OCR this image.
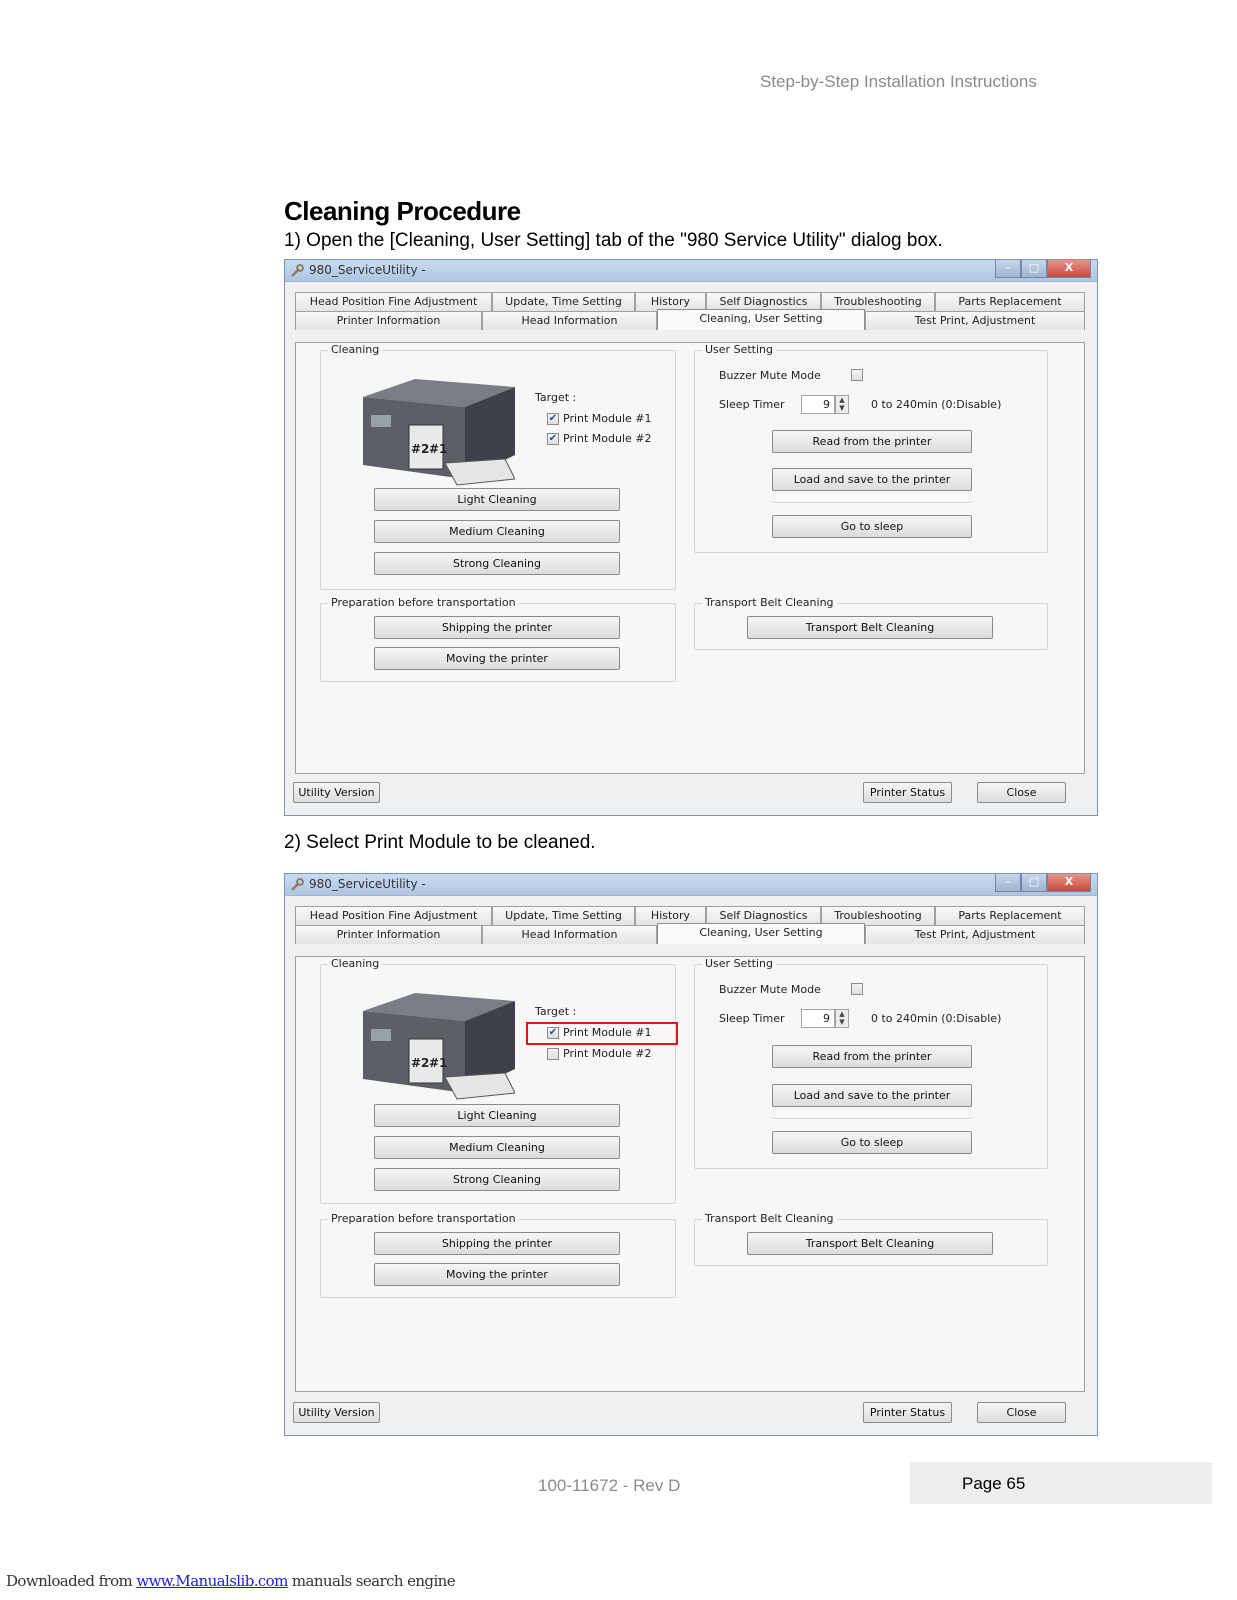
Step-by-Step Installation Instructions
Cleaning Procedure
1) Open the [Cleaning, User Setting] tab of the "980 Service Utility" dialog box.
2) Select Print Module to be cleaned.
980_ServiceUtility -	–	□	X
Head Position Fine Adjustment	Update, Time Setting	History	Self Diagnostics	Troubleshooting	Parts Replacement
Printer Information	Head Information	Cleaning, User Setting	Test Print, Adjustment
Cleaning
#2 #1
Target :
✔ Print Module #1
✔ Print Module #2
Light Cleaning
Medium Cleaning
Strong Cleaning
Preparation before transportation
Shipping the printer
Moving the printer
User Setting
Buzzer Mute Mode
Sleep Timer	9	▲
▼	0 to 240min (0:Disable)
Read from the printer
Load and save to the printer
Go to sleep
Transport Belt Cleaning
Transport Belt Cleaning
Utility Version	Printer Status	Close
980_ServiceUtility -	–	□	X
Head Position Fine Adjustment	Update, Time Setting	History	Self Diagnostics	Troubleshooting	Parts Replacement
Printer Information	Head Information	Cleaning, User Setting	Test Print, Adjustment
Cleaning
#2 #1
Target :
✔ Print Module #1
Print Module #2
Light Cleaning
Medium Cleaning
Strong Cleaning
Preparation before transportation
Shipping the printer
Moving the printer
User Setting
Buzzer Mute Mode
Sleep Timer	9	▲
▼	0 to 240min (0:Disable)
Read from the printer
Load and save to the printer
Go to sleep
Transport Belt Cleaning
Transport Belt Cleaning
Utility Version	Printer Status	Close
100-11672 - Rev D	Page 65
Downloaded from www.Manualslib.com manuals search engine
